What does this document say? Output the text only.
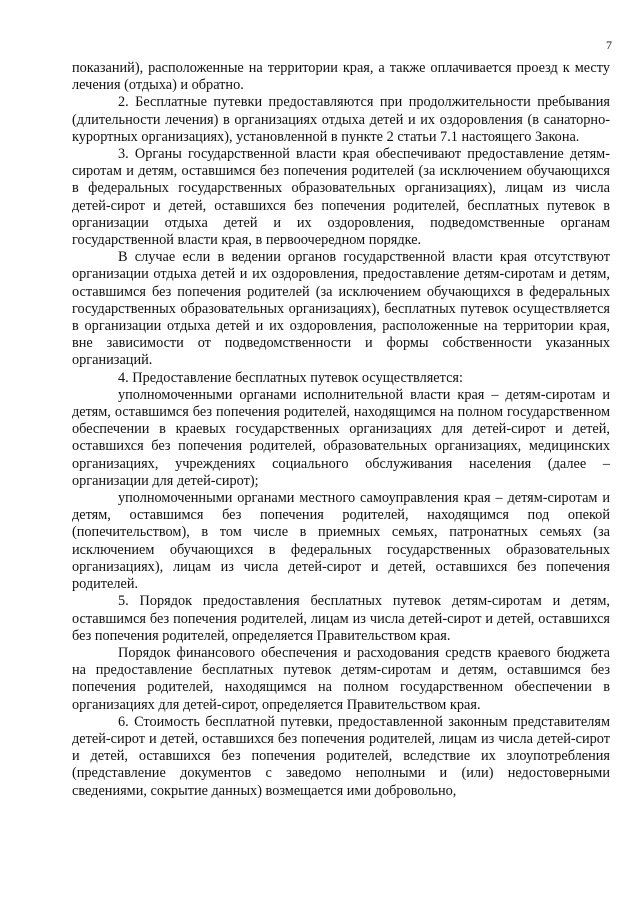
7

показаний), расположенные на территории края, а также оплачивается проезд к месту лечения (отдыха) и обратно.

2. Бесплатные путевки предоставляются при продолжительности пребывания (длительности лечения) в организациях отдыха детей и их оздоровления (в санаторно-курортных организациях), установленной в пункте 2 статьи 7.1 настоящего Закона.

3. Органы государственной власти края обеспечивают предоставление детям-сиротам и детям, оставшимся без попечения родителей (за исключением обучающихся в федеральных государственных образовательных организациях), лицам из числа детей-сирот и детей, оставшихся без попечения родителей, бесплатных путевок в организации отдыха детей и их оздоровления, подведомственные органам государственной власти края, в первоочередном порядке.

В случае если в ведении органов государственной власти края отсутствуют организации отдыха детей и их оздоровления, предоставление детям-сиротам и детям, оставшимся без попечения родителей (за исключением обучающихся в федеральных государственных образовательных организациях), бесплатных путевок осуществляется в организации отдыха детей и их оздоровления, расположенные на территории края, вне зависимости от подведомственности и формы собственности указанных организаций.

4. Предоставление бесплатных путевок осуществляется:

уполномоченными органами исполнительной власти края – детям-сиротам и детям, оставшимся без попечения родителей, находящимся на полном государственном обеспечении в краевых государственных организациях для детей-сирот и детей, оставшихся без попечения родителей, образовательных организациях, медицинских организациях, учреждениях социального обслуживания населения (далее – организации для детей-сирот);

уполномоченными органами местного самоуправления края – детям-сиротам и детям, оставшимся без попечения родителей, находящимся под опекой (попечительством), в том числе в приемных семьях, патронатных семьях (за исключением обучающихся в федеральных государственных образовательных организациях), лицам из числа детей-сирот и детей, оставшихся без попечения родителей.

5. Порядок предоставления бесплатных путевок детям-сиротам и детям, оставшимся без попечения родителей, лицам из числа детей-сирот и детей, оставшихся без попечения родителей, определяется Правительством края.

Порядок финансового обеспечения и расходования средств краевого бюджета на предоставление бесплатных путевок детям-сиротам и детям, оставшимся без попечения родителей, находящимся на полном государственном обеспечении в организациях для детей-сирот, определяется Правительством края.

6. Стоимость бесплатной путевки, предоставленной законным представителям детей-сирот и детей, оставшихся без попечения родителей, лицам из числа детей-сирот и детей, оставшихся без попечения родителей, вследствие их злоупотребления (представление документов с заведомо неполными и (или) недостоверными сведениями, сокрытие данных) возмещается ими добровольно,
